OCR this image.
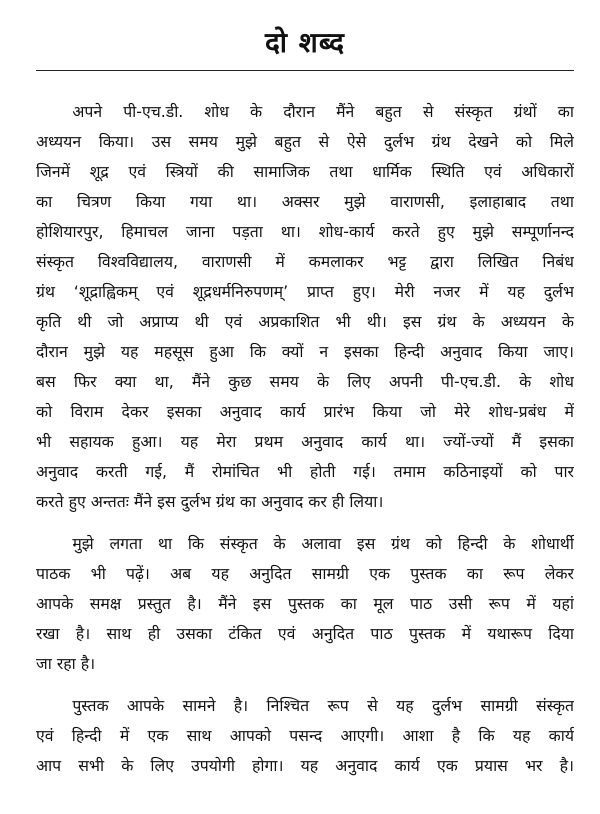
दो शब्द
अपने पी-एच.डी. शोध के दौरान मैंने बहुत से संस्कृत ग्रंथों का
अध्ययन किया। उस समय मुझे बहुत से ऐसे दुर्लभ ग्रंथ देखने को मिले
जिनमें शूद्र एवं स्त्रियों की सामाजिक तथा धार्मिक स्थिति एवं अधिकारों
का चित्रण किया गया था। अक्सर मुझे वाराणसी, इलाहाबाद तथा
होशियारपुर, हिमाचल जाना पड़ता था। शोध-कार्य करते हुए मुझे सम्पूर्णानन्द
संस्कृत विश्वविद्यालय, वाराणसी में कमलाकर भट्ट द्वारा लिखित निबंध
ग्रंथ ‘शूद्राह्विकम् एवं शूद्रधर्मनिरुपणम्’ प्राप्त हुए। मेरी नजर में यह दुर्लभ
कृति थी जो अप्राप्य थी एवं अप्रकाशित भी थी। इस ग्रंथ के अध्ययन के
दौरान मुझे यह महसूस हुआ कि क्यों न इसका हिन्दी अनुवाद किया जाए।
बस फिर क्या था, मैंने कुछ समय के लिए अपनी पी-एच.डी. के शोध
को विराम देकर इसका अनुवाद कार्य प्रारंभ किया जो मेरे शोध-प्रबंध में
भी सहायक हुआ। यह मेरा प्रथम अनुवाद कार्य था। ज्यों-ज्यों मैं इसका
अनुवाद करती गई, मैं रोमांचित भी होती गई। तमाम कठिनाइयों को पार
करते हुए अन्ततः मैंने इस दुर्लभ ग्रंथ का अनुवाद कर ही लिया।
मुझे लगता था कि संस्कृत के अलावा इस ग्रंथ को हिन्दी के शोधार्थी
पाठक भी पढ़ें। अब यह अनुदित सामग्री एक पुस्तक का रूप लेकर
आपके समक्ष प्रस्तुत है। मैंने इस पुस्तक का मूल पाठ उसी रूप में यहां
रखा है। साथ ही उसका टंकित एवं अनुदित पाठ पुस्तक में यथारूप दिया
जा रहा है।
पुस्तक आपके सामने है। निश्चित रूप से यह दुर्लभ सामग्री संस्कृत
एवं हिन्दी में एक साथ आपको पसन्द आएगी। आशा है कि यह कार्य
आप सभी के लिए उपयोगी होगा। यह अनुवाद कार्य एक प्रयास भर है।
